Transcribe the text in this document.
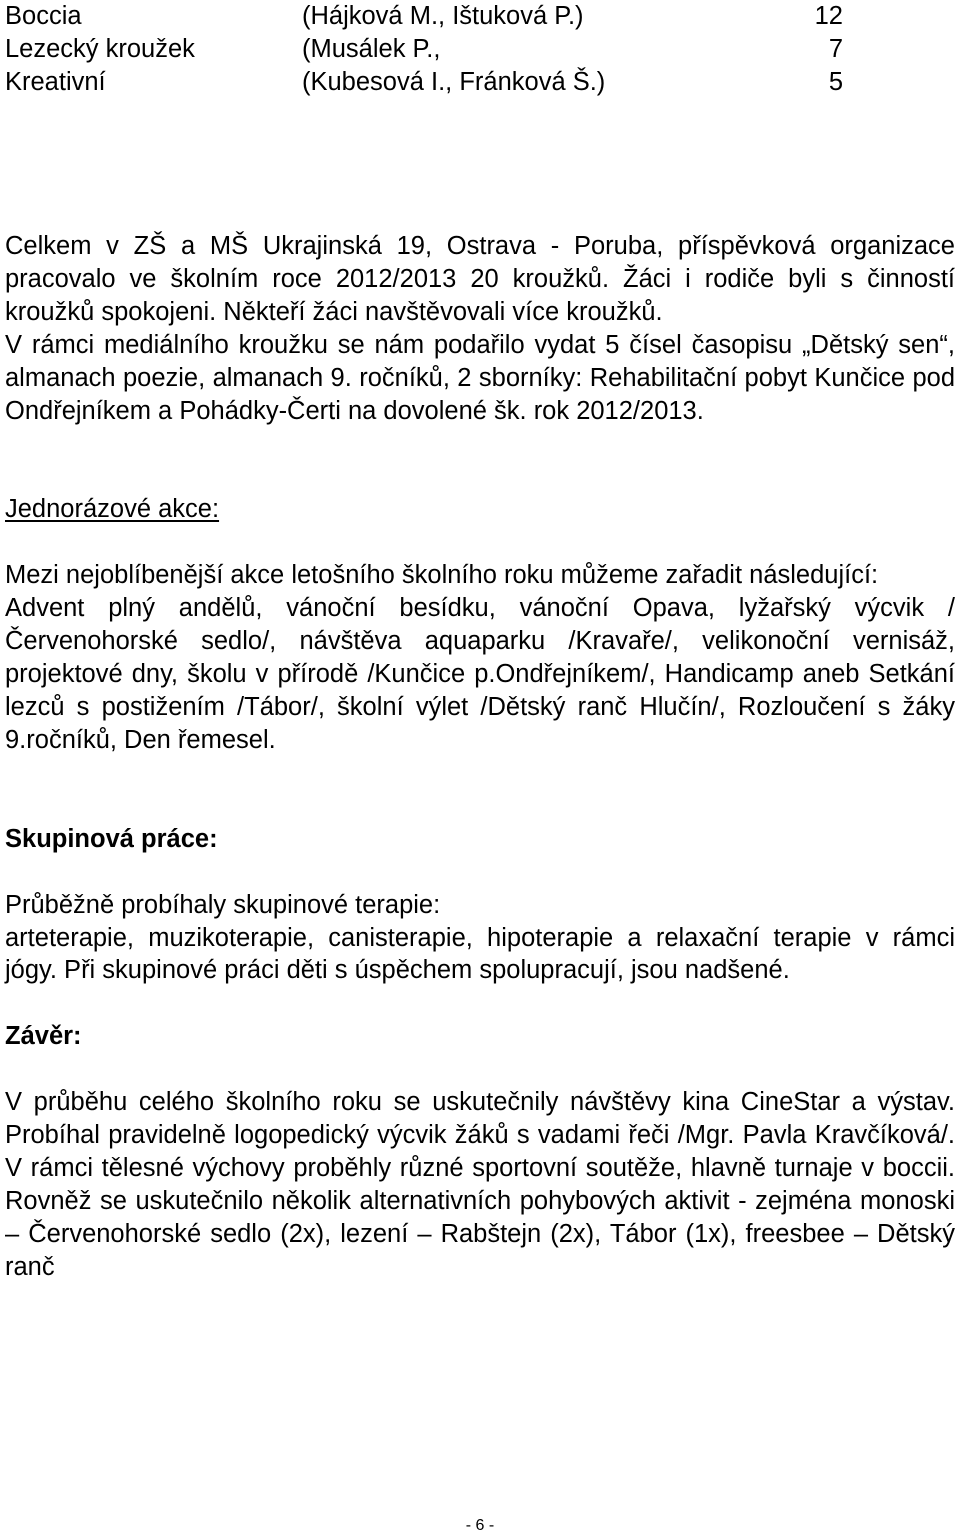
Boccia	(Hájková M., Ištuková P.)	12
Lezecký kroužek	(Musálek P.,	7
Kreativní	(Kubesová I., Fránková Š.)	5

Celkem v ZŠ a MŠ Ukrajinská 19, Ostrava - Poruba, příspěvková organizace pracovalo ve školním roce 2012/2013 20 kroužků. Žáci i rodiče byli s činností kroužků spokojeni. Někteří žáci navštěvovali více kroužků.

V rámci mediálního kroužku se nám podařilo vydat 5 čísel časopisu „Dětský sen“, almanach poezie, almanach 9. ročníků, 2 sborníky: Rehabilitační pobyt Kunčice pod Ondřejníkem a Pohádky-Čerti na dovolené šk. rok 2012/2013.

Jednorázové akce:

Mezi nejoblíbenější akce letošního školního roku můžeme zařadit následující:

Advent plný andělů, vánoční besídku, vánoční Opava, lyžařský výcvik /Červenohorské sedlo/, návštěva aquaparku /Kravaře/, velikonoční vernisáž, projektové dny, školu v přírodě /Kunčice p.Ondřejníkem/, Handicamp aneb Setkání lezců s postižením /Tábor/, školní výlet /Dětský ranč Hlučín/, Rozloučení s žáky 9.ročníků, Den řemesel.

Skupinová práce:

Průběžně probíhaly skupinové terapie:

arteterapie, muzikoterapie, canisterapie, hipoterapie a relaxační terapie v rámci jógy. Při skupinové práci děti s úspěchem spolupracují, jsou nadšené.

Závěr:

V průběhu celého školního roku se uskutečnily návštěvy kina CineStar a výstav. Probíhal pravidelně logopedický výcvik žáků s vadami řeči /Mgr. Pavla Kravčíková/. V rámci tělesné výchovy proběhly různé sportovní soutěže, hlavně turnaje v boccii. Rovněž se uskutečnilo několik alternativních pohybových aktivit - zejména monoski – Červenohorské sedlo (2x), lezení – Rabštejn (2x), Tábor (1x), freesbee – Dětský ranč

- 6 -
